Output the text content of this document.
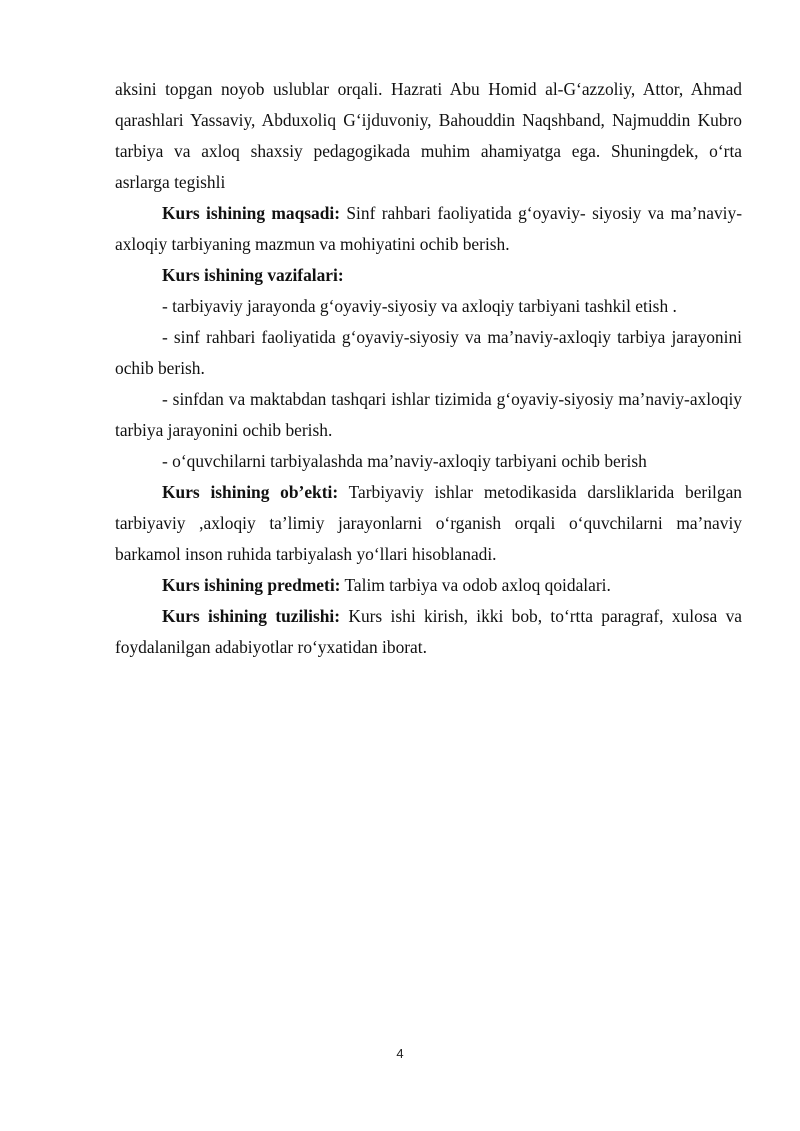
aksini topgan noyob uslublar orqali. Hazrati Abu Homid al-G‘azzoliy, Attor, Ahmad qarashlari Yassaviy, Abduxoliq G‘ijduvoniy, Bahouddin Naqshband, Najmuddin Kubro tarbiya va axloq shaxsiy pedagogikada muhim ahamiyatga ega. Shuningdek, o‘rta asrlarga tegishli

Kurs ishining maqsadi: Sinf rahbari faoliyatida g‘oyaviy- siyosiy va ma’naviy- axloqiy tarbiyaning mazmun va mohiyatini ochib berish.

Kurs ishining vazifalari:

- tarbiyaviy jarayonda g‘oyaviy-siyosiy va axloqiy tarbiyani tashkil etish .

- sinf rahbari faoliyatida g‘oyaviy-siyosiy va ma’naviy-axloqiy tarbiya jarayonini ochib berish.

- sinfdan va maktabdan tashqari ishlar tizimida g‘oyaviy-siyosiy ma’naviy-axloqiy tarbiya jarayonini ochib berish.

- o‘quvchilarni tarbiyalashda ma’naviy-axloqiy tarbiyani ochib berish

Kurs ishining ob’ekti: Tarbiyaviy ishlar metodikasida darsliklarida berilgan tarbiyaviy ,axloqiy ta’limiy jarayonlarni o‘rganish orqali o‘quvchilarni ma’naviy barkamol inson ruhida tarbiyalash yo‘llari hisoblanadi.

Kurs ishining predmeti: Talim tarbiya va odob axloq qoidalari.

Kurs ishining tuzilishi: Kurs ishi kirish, ikki bob, to‘rtta paragraf, xulosa va foydalanilgan adabiyotlar ro‘yxatidan iborat.

4
